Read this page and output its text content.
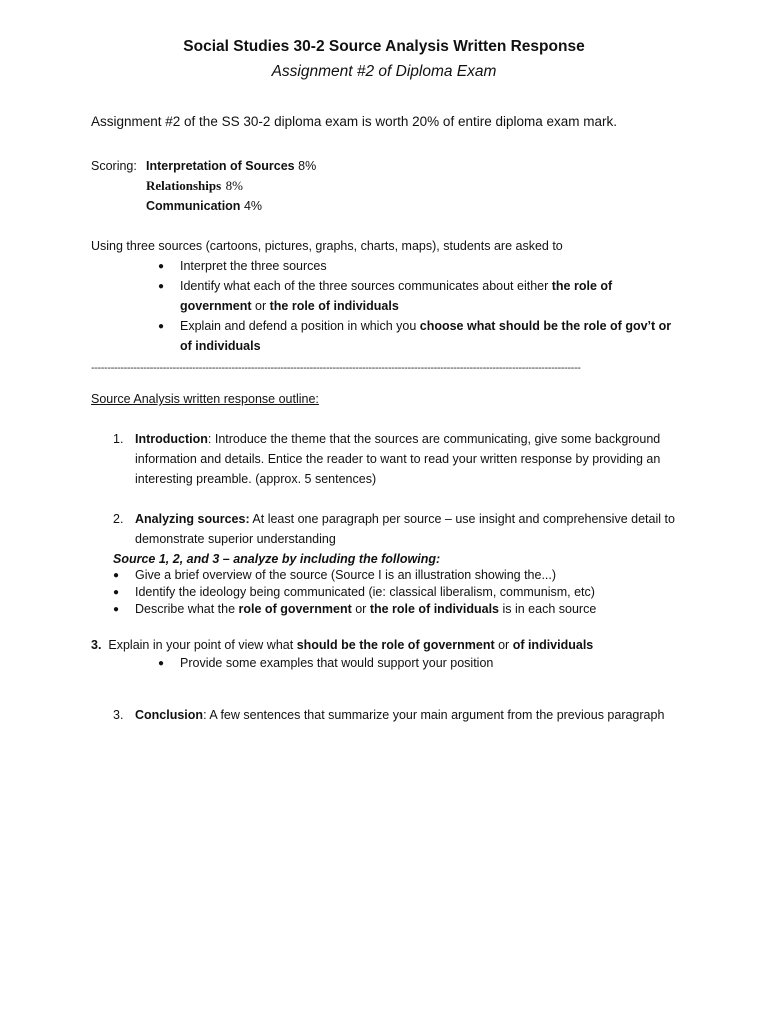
Social Studies 30-2 Source Analysis Written Response
Assignment #2 of Diploma Exam
Assignment #2 of the SS 30-2 diploma exam is worth 20% of entire diploma exam mark.
Scoring: Interpretation of Sources 8%
Relationships 8%
Communication 4%
Using three sources (cartoons, pictures, graphs, charts, maps), students are asked to
● Interpret the three sources
● Identify what each of the three sources communicates about either the role of
government or the role of individuals
● Explain and defend a position in which you choose what should be the role of gov’t or
of individuals
------------------------------------------------------------------------------------------------------------------------------------------------------
Source Analysis written response outline:
1. Introduction: Introduce the theme that the sources are communicating, give some background
information and details. Entice the reader to want to read your written response by providing an
interesting preamble. (approx. 5 sentences)
2. Analyzing sources: At least one paragraph per source – use insight and comprehensive detail to
demonstrate superior understanding
Source 1, 2, and 3 – analyze by including the following:
● Give a brief overview of the source (Source I is an illustration showing the...)
● Identify the ideology being communicated (ie: classical liberalism, communism, etc)
● Describe what the role of government or the role of individuals is in each source
3. Explain in your point of view what should be the role of government or of individuals
● Provide some examples that would support your position
3. Conclusion: A few sentences that summarize your main argument from the previous paragraph
